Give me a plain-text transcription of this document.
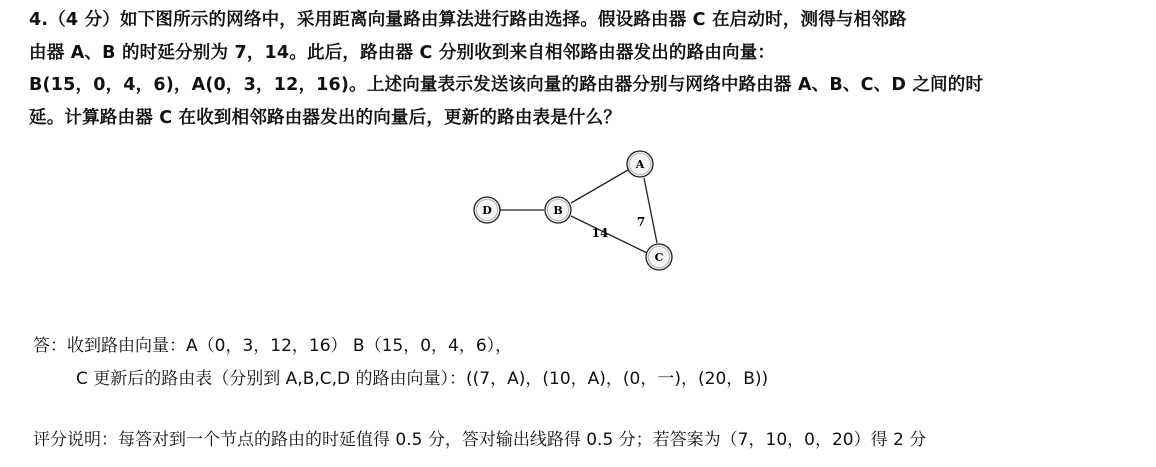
4.（4 分）如下图所示的网络中，采用距离向量路由算法进行路由选择。假设路由器 C 在启动时，测得与相邻路
由器 A、B 的时延分别为 7，14。此后，路由器 C 分别收到来自相邻路由器发出的路由向量：
B(15，0，4，6)，A(0，3，12，16)。上述向量表示发送该向量的路由器分别与网络中路由器 A、B、C、D 之间的时
延。计算路由器 C 在收到相邻路由器发出的向量后，更新的路由表是什么？
14
7
A
B
C
D
答：收到路由向量：A（0，3，12，16） B（15，0，4，6），
C 更新后的路由表（分别到 A,B,C,D 的路由向量）：((7，A)，(10，A)，(0，一)，(20，B))
评分说明：每答对到一个节点的路由的时延值得 0.5 分，答对输出线路得 0.5 分；若答案为（7，10，0，20）得 2 分
